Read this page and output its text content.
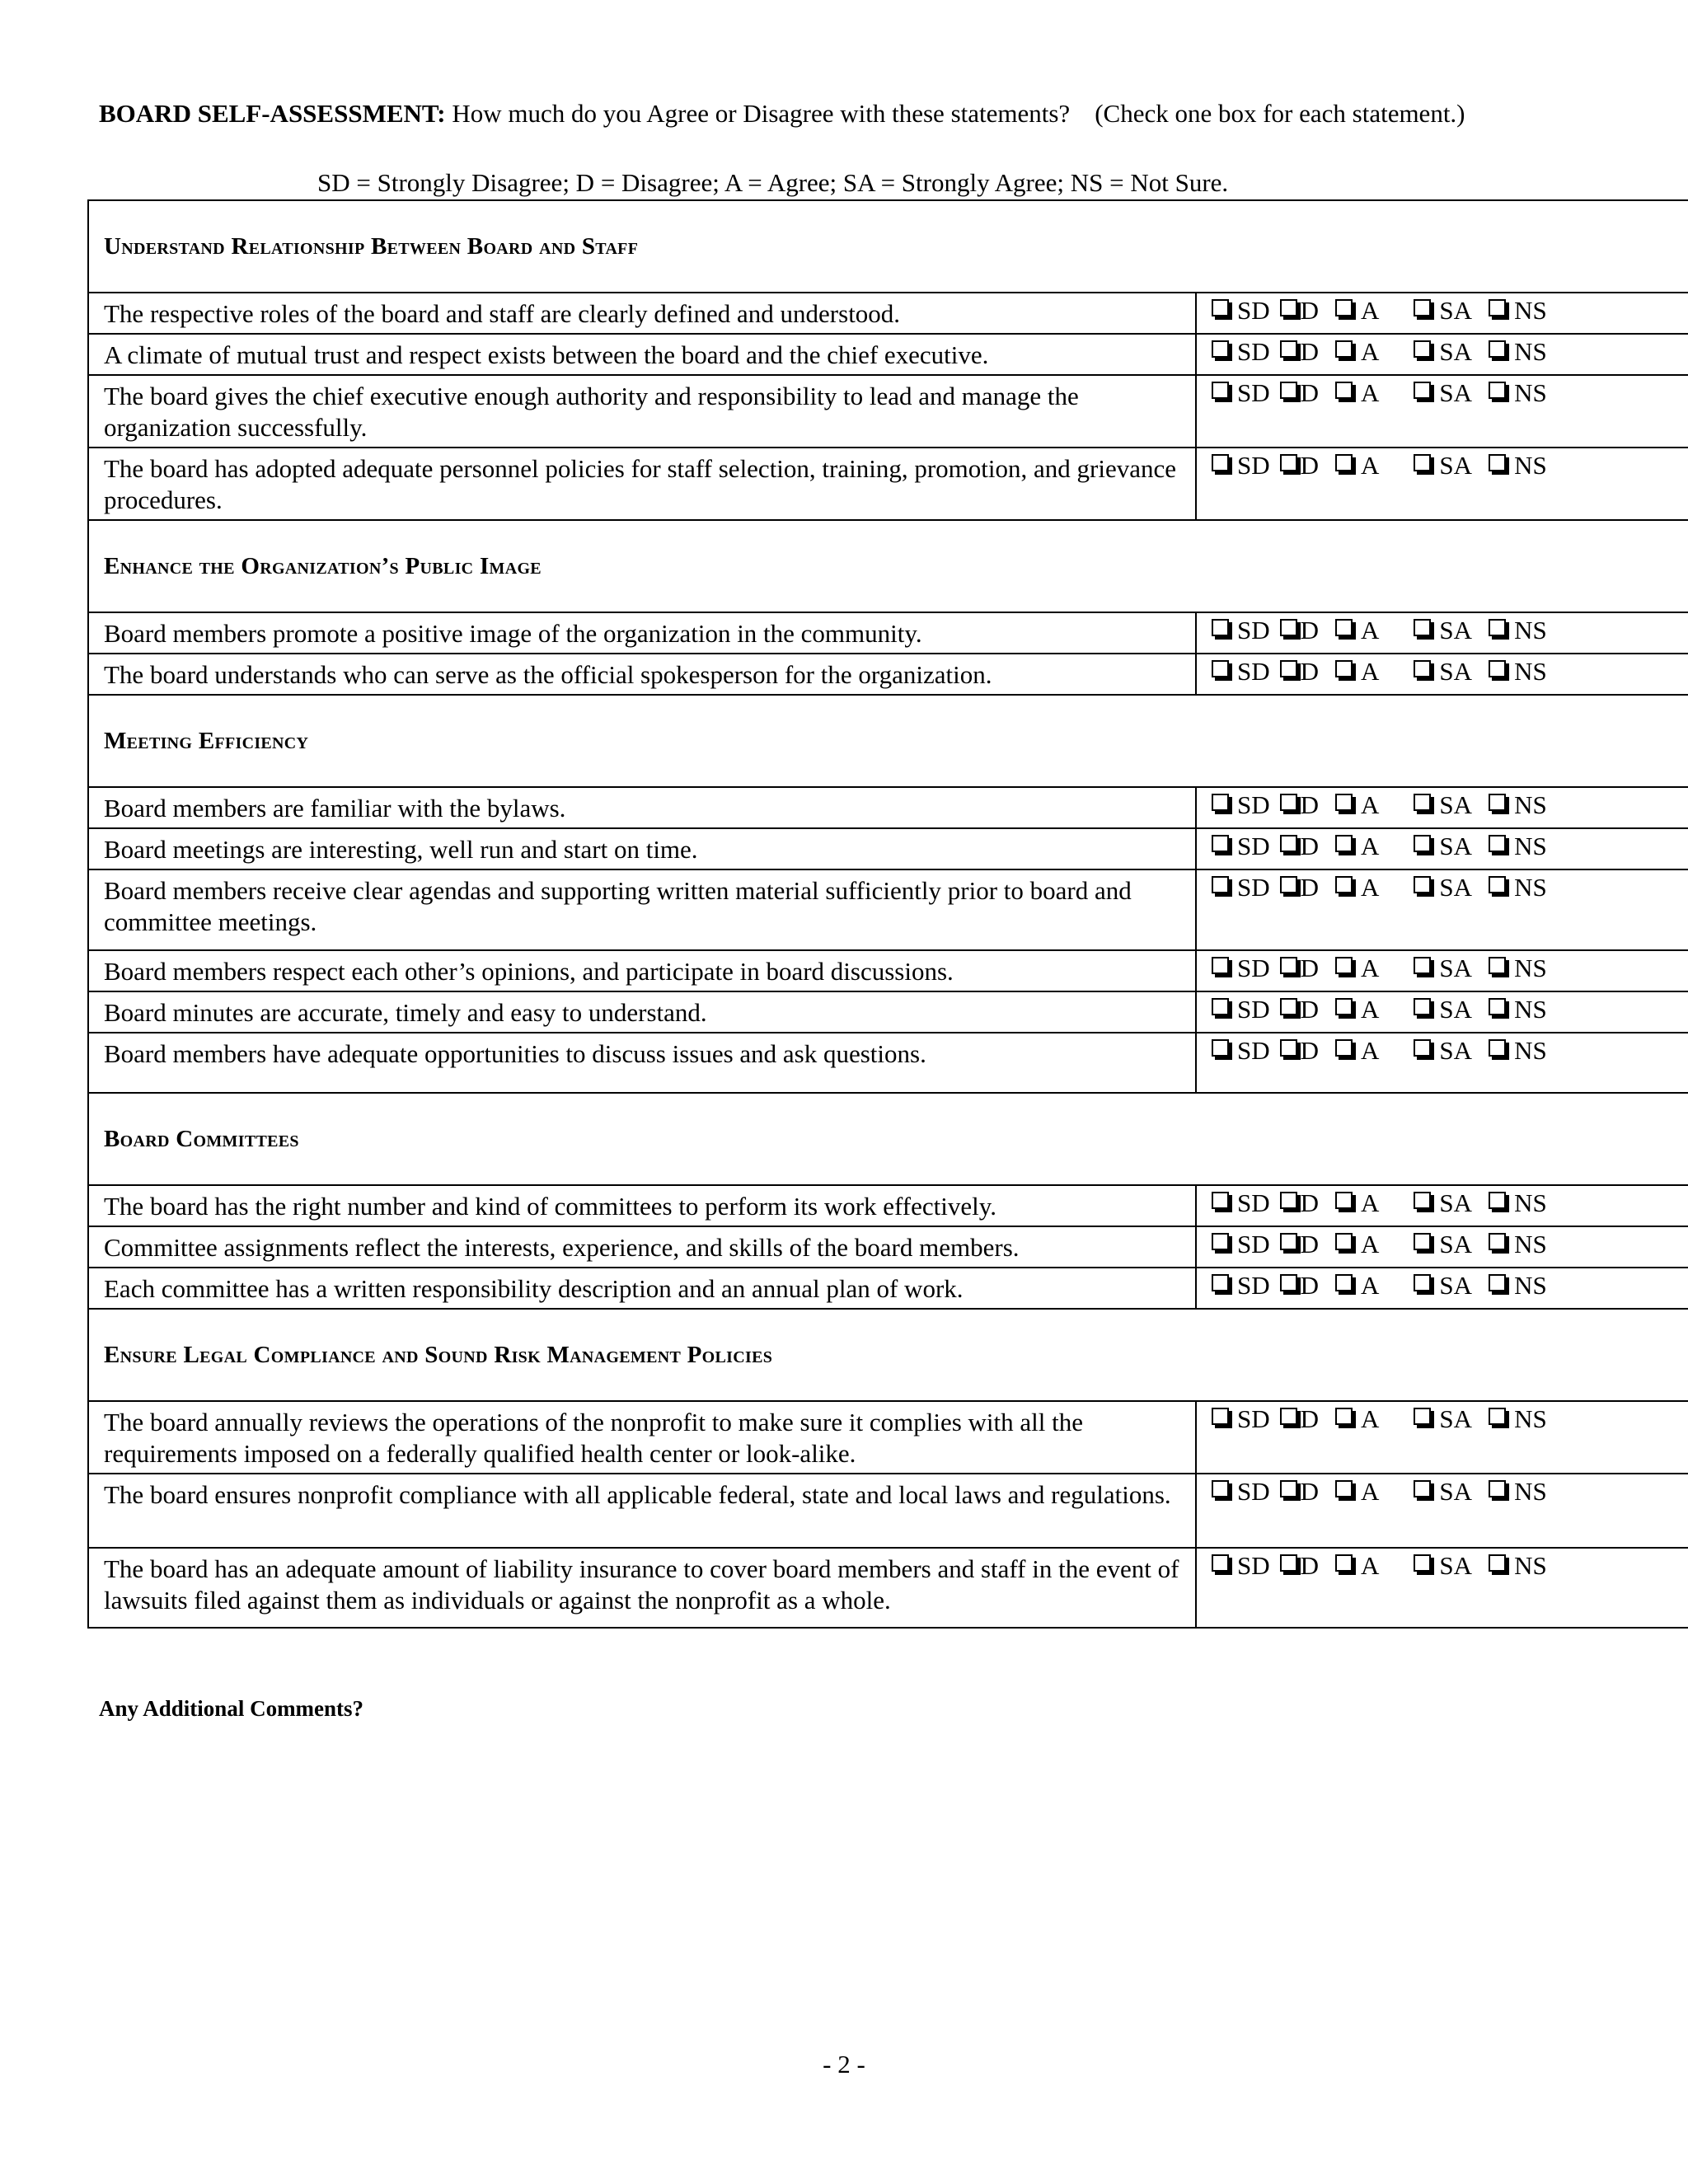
BOARD SELF-ASSESSMENT: How much do you Agree or Disagree with these statements? (Check one box for each statement.)
SD = Strongly Disagree; D = Disagree; A = Agree; SA = Strongly Agree; NS = Not Sure.
Understand Relationship Between Board and Staff	
The respective roles of the board and staff are clearly defined and understood.	SD D A SA NS
A climate of mutual trust and respect exists between the board and the chief executive.	SD D A SA NS
The board gives the chief executive enough authority and responsibility to lead and manage the organization successfully.	SD D A SA NS
The board has adopted adequate personnel policies for staff selection, training, promotion, and grievance procedures.	SD D A SA NS
Enhance the Organization’s Public Image	
Board members promote a positive image of the organization in the community.	SD D A SA NS
The board understands who can serve as the official spokesperson for the organization.	SD D A SA NS
Meeting Efficiency	
Board members are familiar with the bylaws.	SD D A SA NS
Board meetings are interesting, well run and start on time.	SD D A SA NS
Board members receive clear agendas and supporting written material sufficiently prior to board and committee meetings.	SD D A SA NS
Board members respect each other’s opinions, and participate in board discussions.	SD D A SA NS
Board minutes are accurate, timely and easy to understand.	SD D A SA NS
Board members have adequate opportunities to discuss issues and ask questions.	SD D A SA NS
Board Committees	
The board has the right number and kind of committees to perform its work effectively.	SD D A SA NS
Committee assignments reflect the interests, experience, and skills of the board members.	SD D A SA NS
Each committee has a written responsibility description and an annual plan of work.	SD D A SA NS
Ensure Legal Compliance and Sound Risk Management Policies	
The board annually reviews the operations of the nonprofit to make sure it complies with all the requirements imposed on a federally qualified health center or look-alike.	SD D A SA NS
The board ensures nonprofit compliance with all applicable federal, state and local laws and regulations.	SD D A SA NS
The board has an adequate amount of liability insurance to cover board members and staff in the event of lawsuits filed against them as individuals or against the nonprofit as a whole.	SD D A SA NS
Any Additional Comments?
- 2 -
